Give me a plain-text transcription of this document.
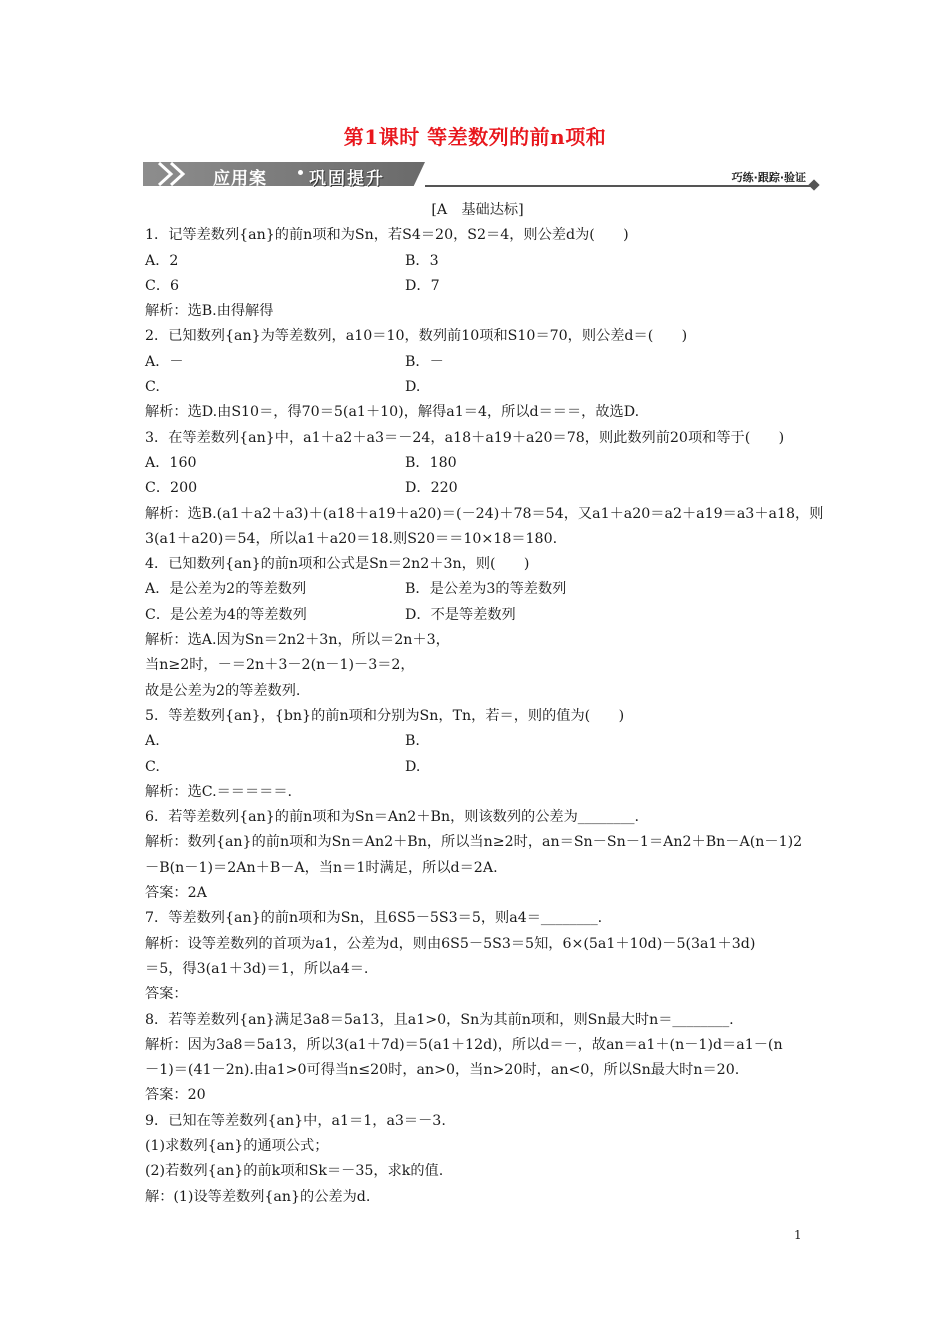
第1课时 等差数列的前n项和
应用案 巩固提升	巧练·跟踪·验证
[A　基础达标]
1．记等差数列{an}的前n项和为Sn，若S4＝20，S2＝4，则公差d为(　　)
A．2	B．3
C．6	D．7
解析：选B.由得解得
2．已知数列{an}为等差数列，a10＝10，数列前10项和S10＝70，则公差d＝(　　)
A．－	B．－
C.	D.
解析：选D.由S10＝，得70＝5(a1＋10)，解得a1＝4，所以d＝＝＝，故选D.
3．在等差数列{an}中，a1＋a2＋a3＝－24，a18＋a19＋a20＝78，则此数列前20项和等于(　　)
A．160	B．180
C．200	D．220
解析：选B.(a1＋a2＋a3)＋(a18＋a19＋a20)＝(－24)＋78＝54，又a1＋a20＝a2＋a19＝a3＋a18，则
3(a1＋a20)＝54，所以a1＋a20＝18.则S20＝＝10×18＝180.
4．已知数列{an}的前n项和公式是Sn＝2n2＋3n，则(　　)
A．是公差为2的等差数列	B．是公差为3的等差数列
C．是公差为4的等差数列	D．不是等差数列
解析：选A.因为Sn＝2n2＋3n，所以＝2n＋3，
当n≥2时，－＝2n＋3－2(n－1)－3＝2，
故是公差为2的等差数列.
5．等差数列{an}，{bn}的前n项和分别为Sn，Tn，若＝，则的值为(　　)
A.	B.
C.	D.
解析：选C.＝＝＝＝＝.
6．若等差数列{an}的前n项和为Sn＝An2＋Bn，则该数列的公差为________.
解析：数列{an}的前n项和为Sn＝An2＋Bn，所以当n≥2时，an＝Sn－Sn－1＝An2＋Bn－A(n－1)2
－B(n－1)＝2An＋B－A，当n＝1时满足，所以d＝2A.
答案：2A
7．等差数列{an}的前n项和为Sn，且6S5－5S3＝5，则a4＝________.
解析：设等差数列的首项为a1，公差为d，则由6S5－5S3＝5知，6×(5a1＋10d)－5(3a1＋3d)
＝5，得3(a1＋3d)＝1，所以a4＝.
答案：
8．若等差数列{an}满足3a8＝5a13，且a1>0，Sn为其前n项和，则Sn最大时n＝________.
解析：因为3a8＝5a13，所以3(a1＋7d)＝5(a1＋12d)，所以d＝－，故an＝a1＋(n－1)d＝a1－(n
－1)＝(41－2n).由a1>0可得当n≤20时，an>0，当n>20时，an<0，所以Sn最大时n＝20.
答案：20
9．已知在等差数列{an}中，a1＝1，a3＝－3.
(1)求数列{an}的通项公式；
(2)若数列{an}的前k项和Sk＝－35，求k的值.
解：(1)设等差数列{an}的公差为d.
1
